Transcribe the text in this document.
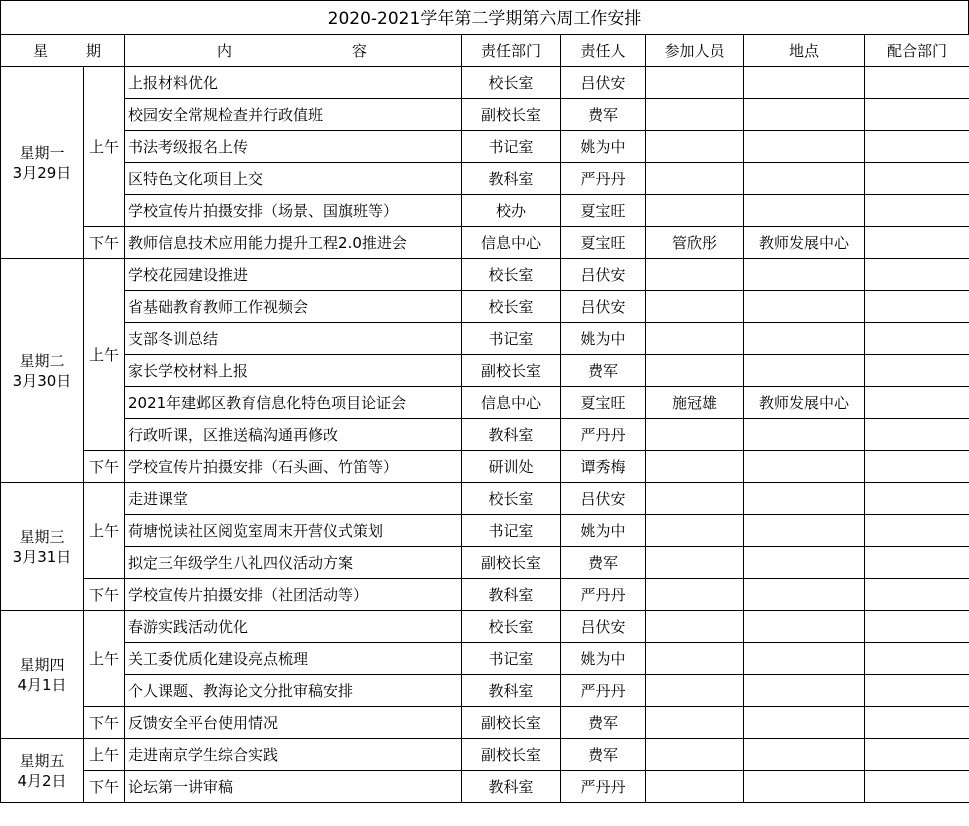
2020-2021学年第二学期第六周工作安排
星 期		内 容	责任部门	责任人	参加人员	地点	配合部门

星期一
3月29日	上午	上报材料优化	校长室	吕伏安			
		校园安全常规检查并行政值班	副校长室	费军			
		书法考级报名上传	书记室	姚为中			
		区特色文化项目上交	教科室	严丹丹			
		学校宣传片拍摄安排（场景、国旗班等）	校办	夏宝旺			
	下午	教师信息技术应用能力提升工程2.0推进会	信息中心	夏宝旺	管欣彤	教师发展中心	

星期二
3月30日	上午	学校花园建设推进	校长室	吕伏安			
		省基础教育教师工作视频会	校长室	吕伏安			
		支部冬训总结	书记室	姚为中			
		家长学校材料上报	副校长室	费军			
		2021年建邺区教育信息化特色项目论证会	信息中心	夏宝旺	施冠雄	教师发展中心	
		行政听课，区推送稿沟通再修改	教科室	严丹丹			
	下午	学校宣传片拍摄安排（石头画、竹笛等）	研训处	谭秀梅			

星期三
3月31日	上午	走进课堂	校长室	吕伏安			
		荷塘悦读社区阅览室周末开营仪式策划	书记室	姚为中			
		拟定三年级学生八礼四仪活动方案	副校长室	费军			
	下午	学校宣传片拍摄安排（社团活动等）	教科室	严丹丹			

星期四
4月1日	上午	春游实践活动优化	校长室	吕伏安			
		关工委优质化建设亮点梳理	书记室	姚为中			
		个人课题、教海论文分批审稿安排	教科室	严丹丹			
	下午	反馈安全平台使用情况	副校长室	费军			

星期五
4月2日	上午	走进南京学生综合实践	副校长室	费军			
	下午	论坛第一讲审稿	教科室	严丹丹			
